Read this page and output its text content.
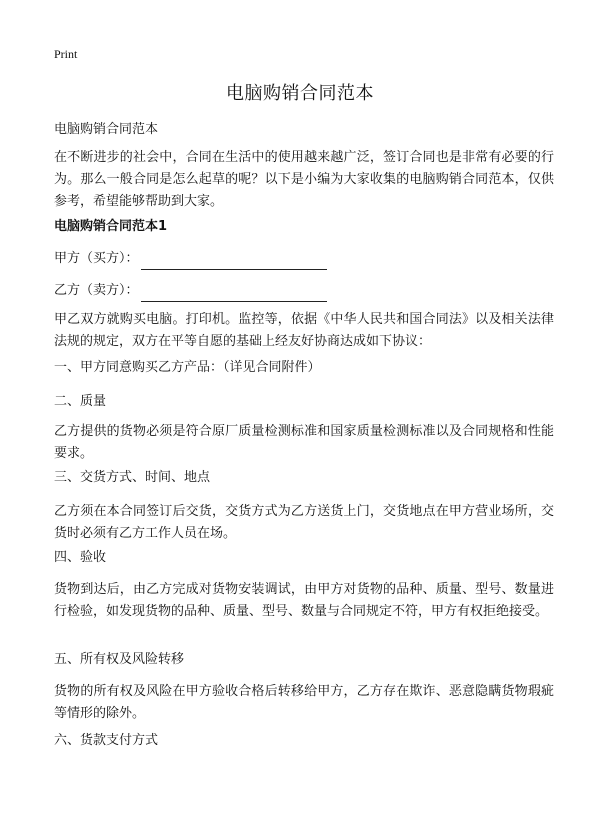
Print
电脑购销合同范本

电脑购销合同范本

在不断进步的社会中，合同在生活中的使用越来越广泛，签订合同也是非常有必要的行为。那么一般合同是怎么起草的呢？以下是小编为大家收集的电脑购销合同范本，仅供参考，希望能够帮助到大家。

电脑购销合同范本1

甲方（买方）：

乙方（卖方）：

甲乙双方就购买电脑。打印机。监控等，依据《中华人民共和国合同法》以及相关法律法规的规定，双方在平等自愿的基础上经友好协商达成如下协议：

一、甲方同意购买乙方产品：（详见合同附件）

二、质量

乙方提供的货物必须是符合原厂质量检测标准和国家质量检测标准以及合同规格和性能要求。

三、交货方式、时间、地点

乙方须在本合同签订后交货，交货方式为乙方送货上门，交货地点在甲方营业场所，交货时必须有乙方工作人员在场。

四、验收

货物到达后，由乙方完成对货物安装调试，由甲方对货物的品种、质量、型号、数量进行检验，如发现货物的品种、质量、型号、数量与合同规定不符，甲方有权拒绝接受。

五、所有权及风险转移

货物的所有权及风险在甲方验收合格后转移给甲方，乙方存在欺诈、恶意隐瞒货物瑕疵等情形的除外。

六、货款支付方式
